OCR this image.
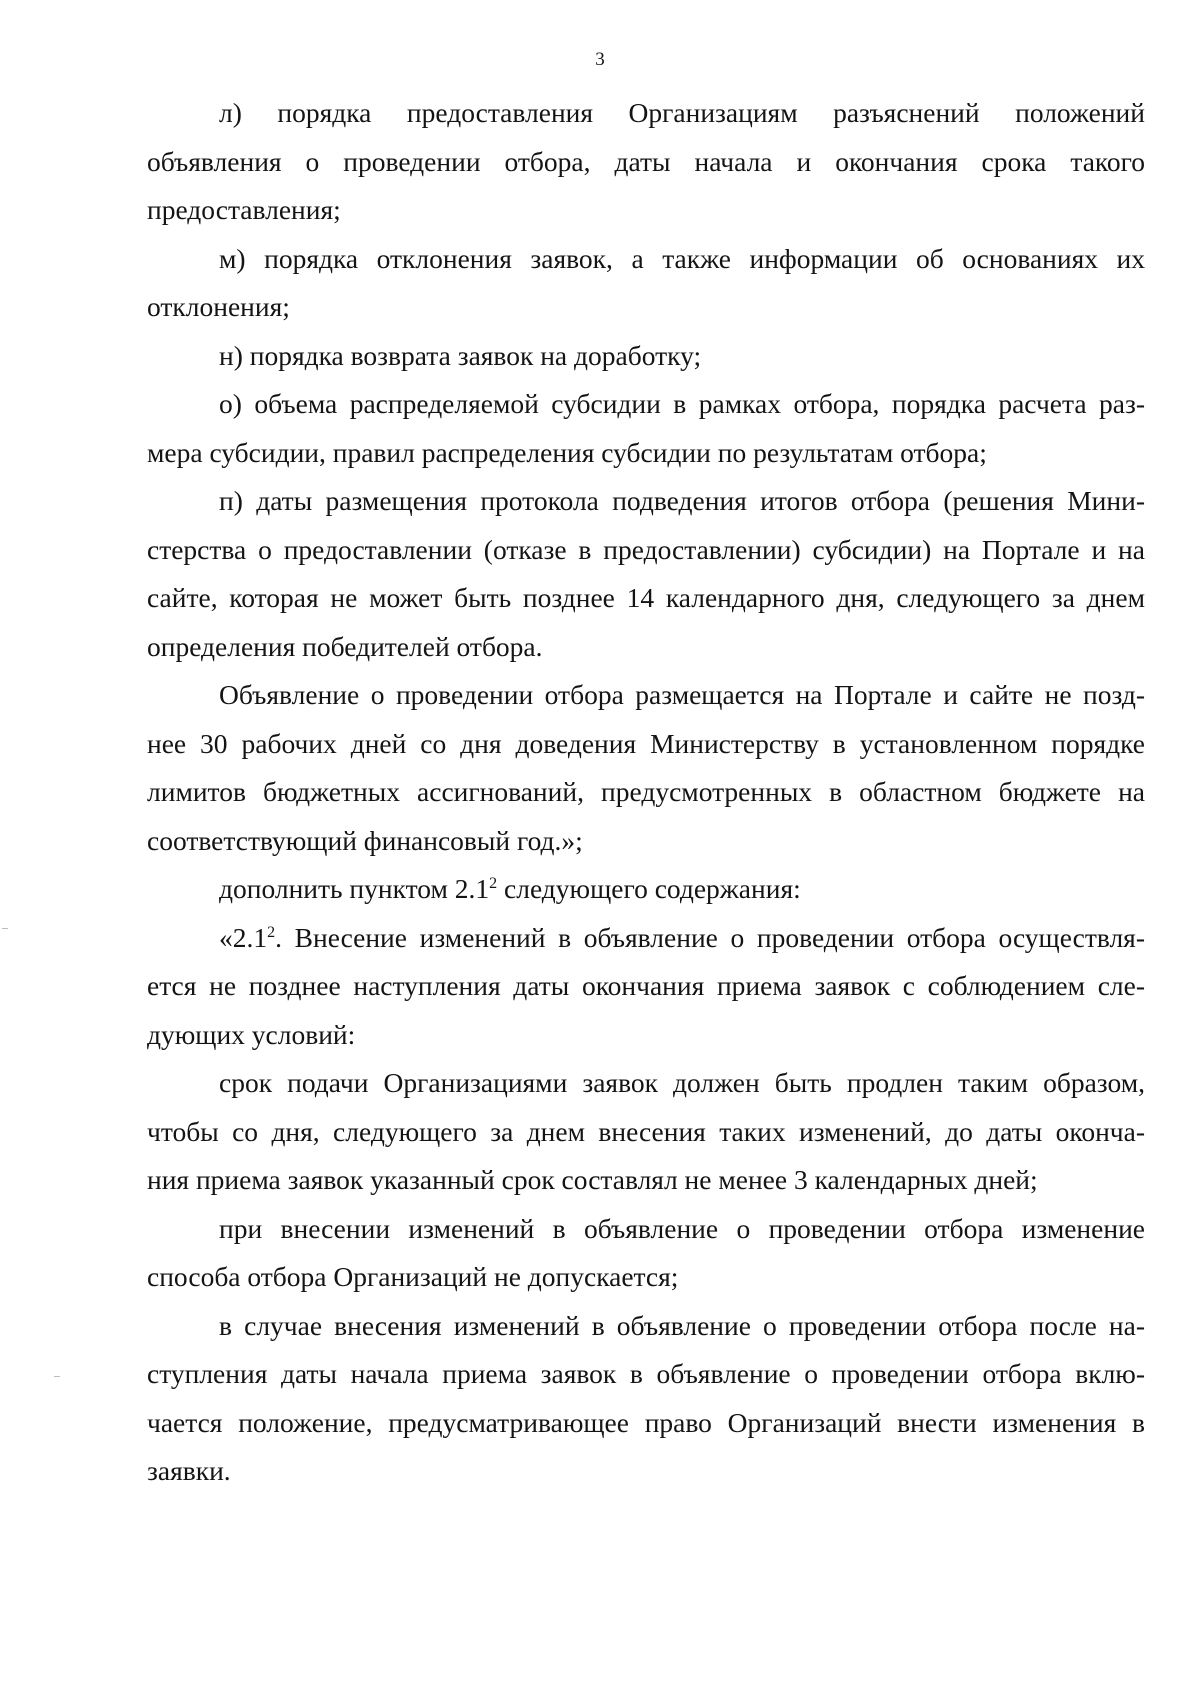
3
л) порядка предоставления Организациям разъяснений положений
объявления о проведении отбора, даты начала и окончания срока такого
предоставления;
м) порядка отклонения заявок, а также информации об основаниях их
отклонения;
н) порядка возврата заявок на доработку;
о) объема распределяемой субсидии в рамках отбора, порядка расчета раз-
мера субсидии, правил распределения субсидии по результатам отбора;
п) даты размещения протокола подведения итогов отбора (решения Мини-
стерства о предоставлении (отказе в предоставлении) субсидии) на Портале и на
сайте, которая не может быть позднее 14 календарного дня, следующего за днем
определения победителей отбора.
Объявление о проведении отбора размещается на Портале и сайте не позд-
нее 30 рабочих дней со дня доведения Министерству в установленном порядке
лимитов бюджетных ассигнований, предусмотренных в областном бюджете на
соответствующий финансовый год.»;
дополнить пунктом $2.1^2$ следующего содержания:
«$2.1^2$. Внесение изменений в объявление о проведении отбора осуществля-
ется не позднее наступления даты окончания приема заявок с соблюдением сле-
дующих условий:
срок подачи Организациями заявок должен быть продлен таким образом,
чтобы со дня, следующего за днем внесения таких изменений, до даты оконча-
ния приема заявок указанный срок составлял не менее 3 календарных дней;
при внесении изменений в объявление о проведении отбора изменение
способа отбора Организаций не допускается;
в случае внесения изменений в объявление о проведении отбора после на-
ступления даты начала приема заявок в объявление о проведении отбора вклю-
чается положение, предусматривающее право Организаций внести изменения в
заявки.
